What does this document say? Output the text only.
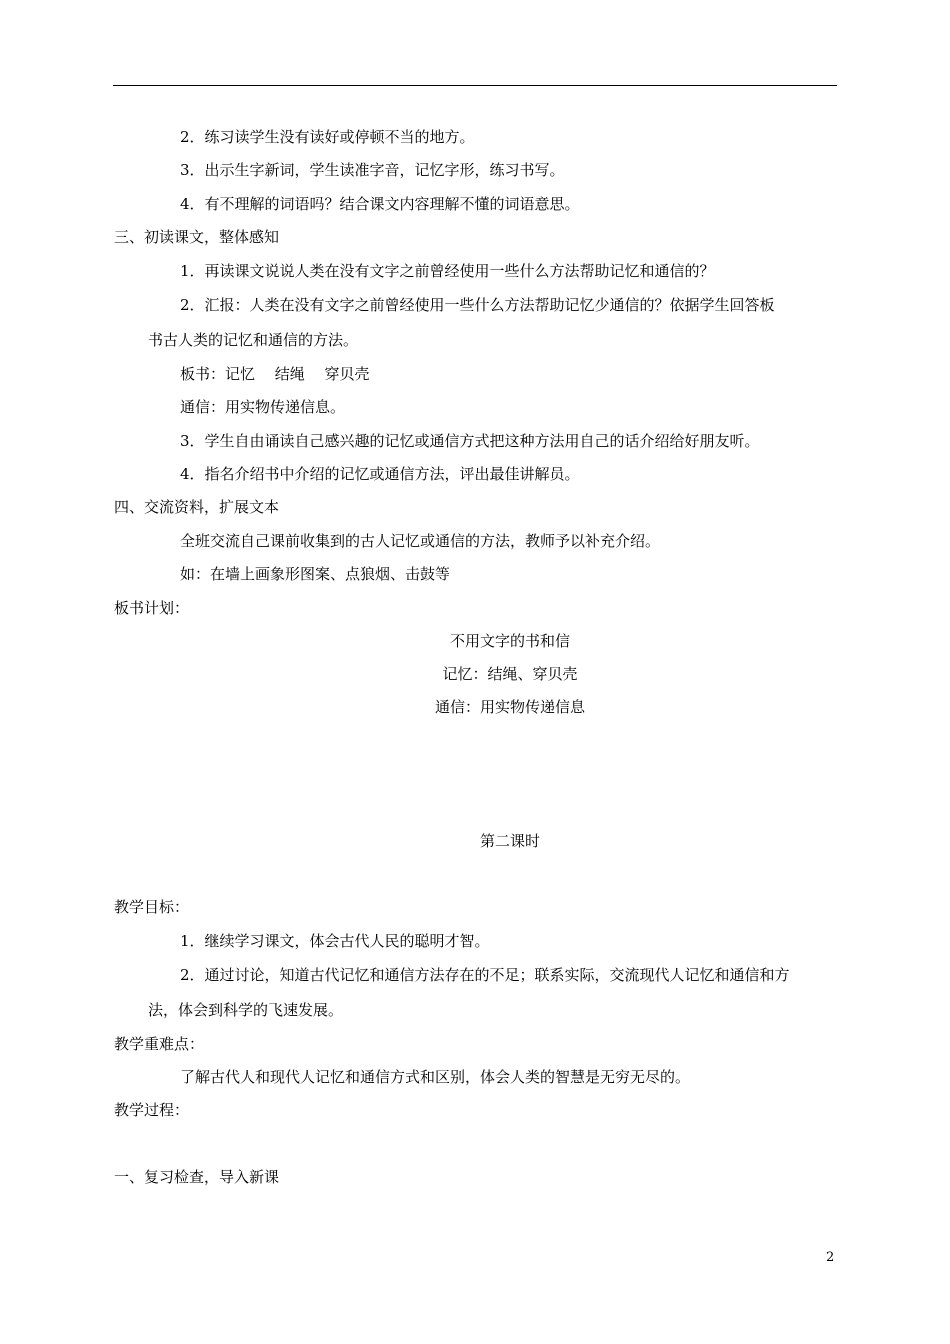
2．练习读学生没有读好或停顿不当的地方。
3．出示生字新词，学生读准字音，记忆字形，练习书写。
4．有不理解的词语吗？结合课文内容理解不懂的词语意思。
三、初读课文，整体感知
1．再读课文说说人类在没有文字之前曾经使用一些什么方法帮助记忆和通信的？
2．汇报：人类在没有文字之前曾经使用一些什么方法帮助记忆少通信的？依据学生回答板
书古人类的记忆和通信的方法。
板书：记忆　 结绳　 穿贝壳
通信：用实物传递信息。
3．学生自由诵读自己感兴趣的记忆或通信方式把这种方法用自己的话介绍给好朋友听。
4．指名介绍书中介绍的记忆或通信方法，评出最佳讲解员。
四、交流资料，扩展文本
全班交流自己课前收集到的古人记忆或通信的方法，教师予以补充介绍。
如：在墙上画象形图案、点狼烟、击鼓等
板书计划：
不用文字的书和信
记忆：结绳、穿贝壳
通信：用实物传递信息
第二课时
教学目标：
1．继续学习课文，体会古代人民的聪明才智。
2．通过讨论，知道古代记忆和通信方法存在的不足；联系实际，交流现代人记忆和通信和方
法，体会到科学的飞速发展。
教学重难点：
了解古代人和现代人记忆和通信方式和区别，体会人类的智慧是无穷无尽的。
教学过程：
一、复习检查，导入新课
2
